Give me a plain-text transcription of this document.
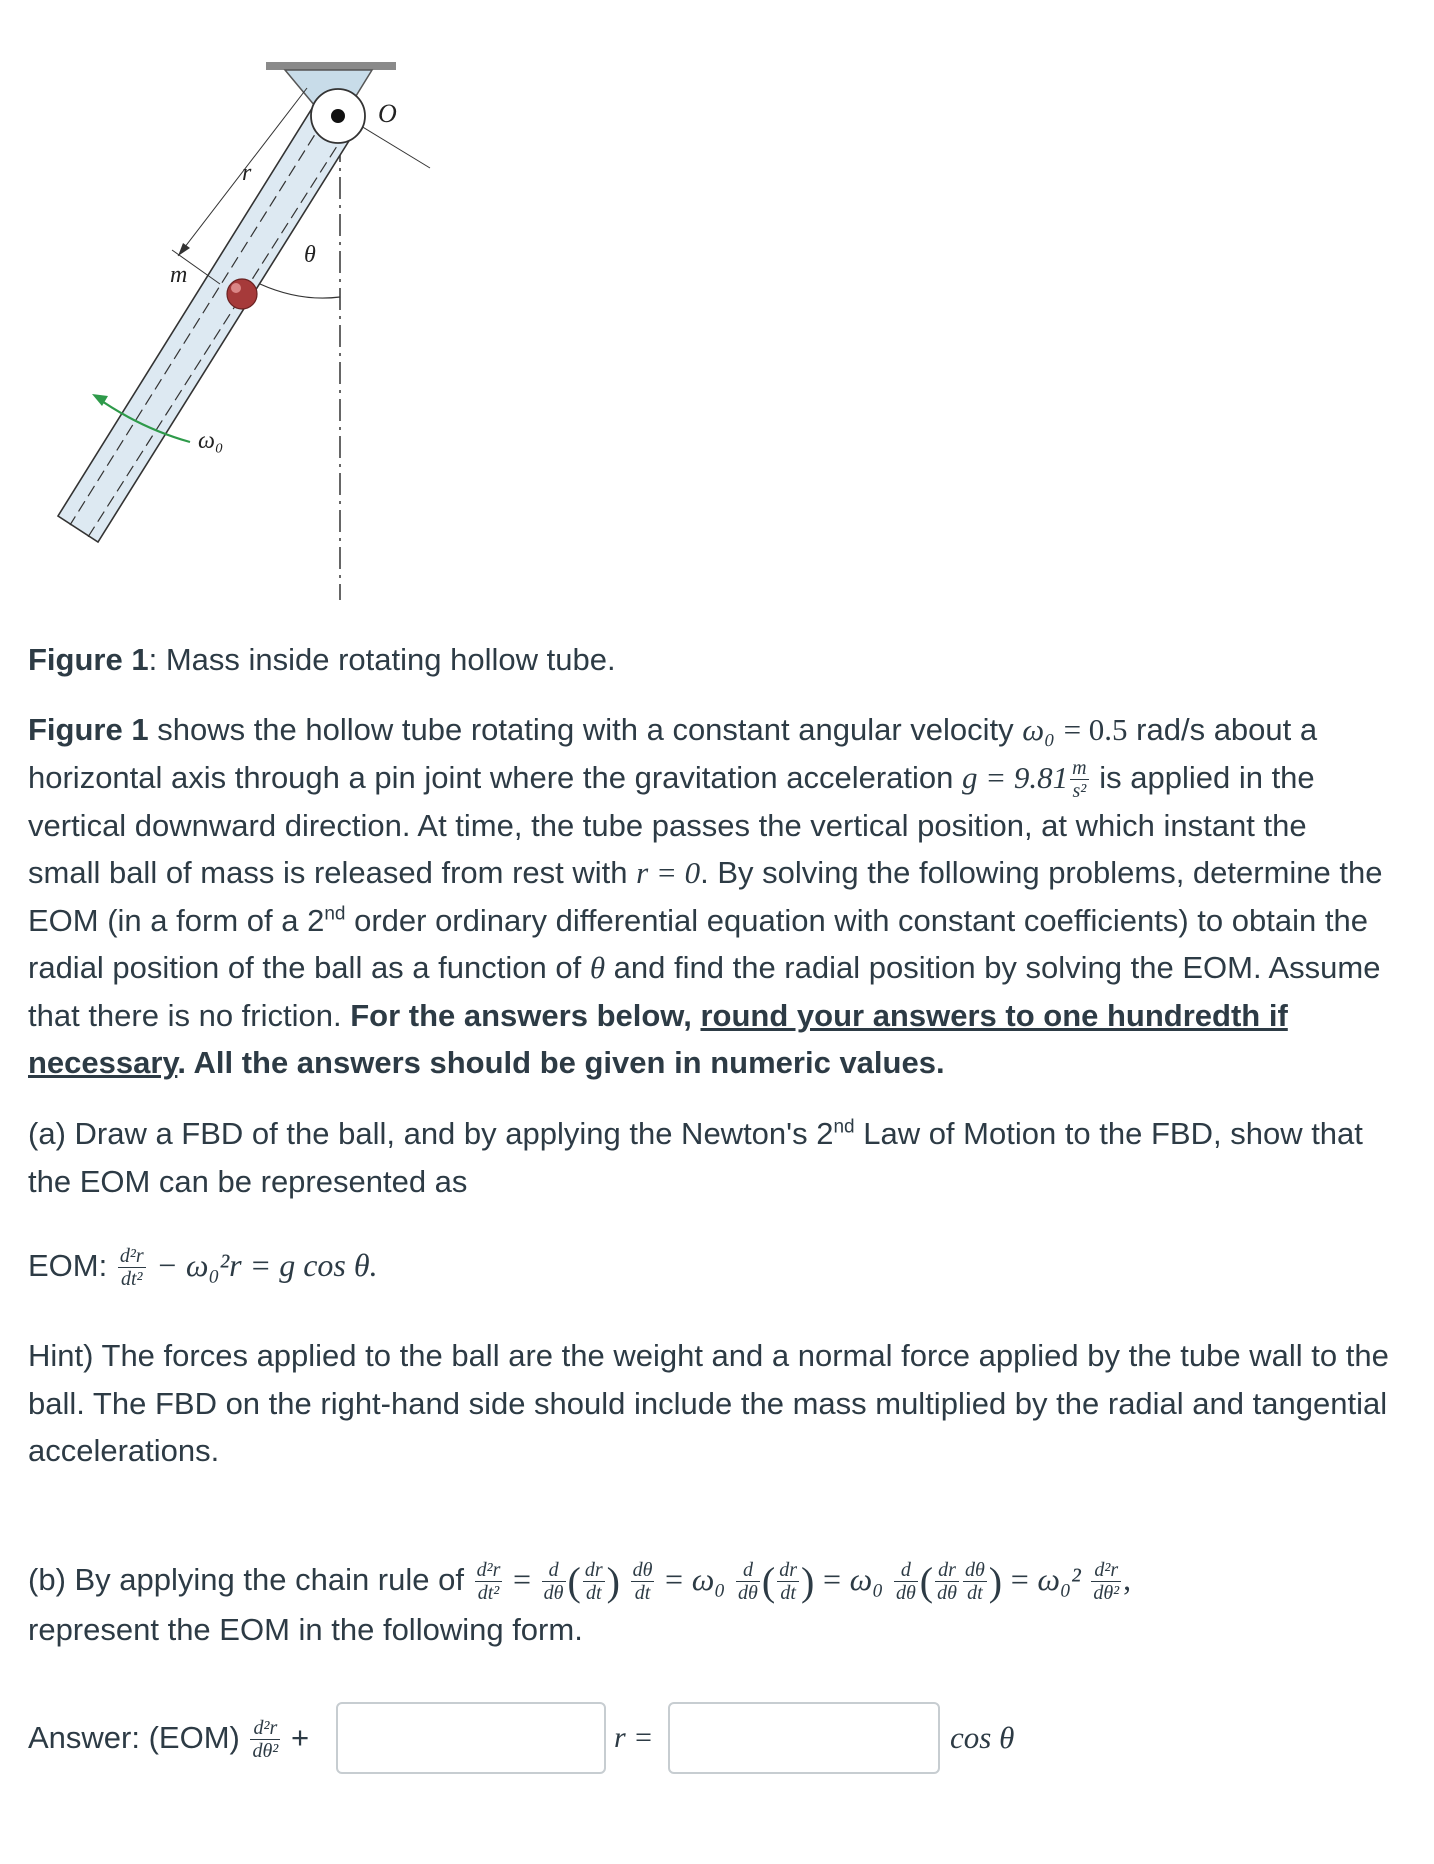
O
r
θ
m
ω₀

Figure 1: Mass inside rotating hollow tube.

Figure 1 shows the hollow tube rotating with a constant angular velocity ω₀ = 0.5 rad/s about a
horizontal axis through a pin joint where the gravitation acceleration $g = 9.81 \frac{m}{\text{s²}}$ is applied in the
vertical downward direction. At time, the tube passes the vertical position, at which instant the
small ball of mass is released from rest with r = 0. By solving the following problems, determine the
EOM (in a form of a 2nd order ordinary differential equation with constant coefficients) to obtain the
radial position of the ball as a function of θ and find the radial position by solving the EOM. Assume
that there is no friction. For the answers below, round your answers to one hundredth if
necessary. All the answers should be given in numeric values.
(a) Draw a FBD of the ball, and by applying the Newton's 2nd Law of Motion to the FBD, show that
the EOM can be represented as
EOM: $\frac{\text{d²r}}{\text{dt²}} - \omega_0^2r = g$ cos θ.
Hint) The forces applied to the ball are the weight and a normal force applied by the tube wall to the
ball. The FBD on the right-hand side should include the mass multiplied by the radial and tangential
accelerations.
(b) By applying the chain rule of $\frac{\text{d²r}}{\text{dt²}} = \frac{d}{d\theta}$ ( $\frac{dr}{dt}$ ) $\frac{d\theta}{dt} = \omega_0 \frac{d}{d\theta}$ ( $\frac{dr}{dt}$ ) = $\omega_0 \frac{d}{d\theta}$ ( $\frac{dr}{d\theta} \frac{d\theta}{dt}$ ) = $\omega_0^2 \frac{\text{d²r}}{\text{dθ²}}$ ,
represent the EOM in the following form.
Answer: $(EOM) \frac{\text{d²r}}{\text{dθ²}}$ +	r =	cos θ
